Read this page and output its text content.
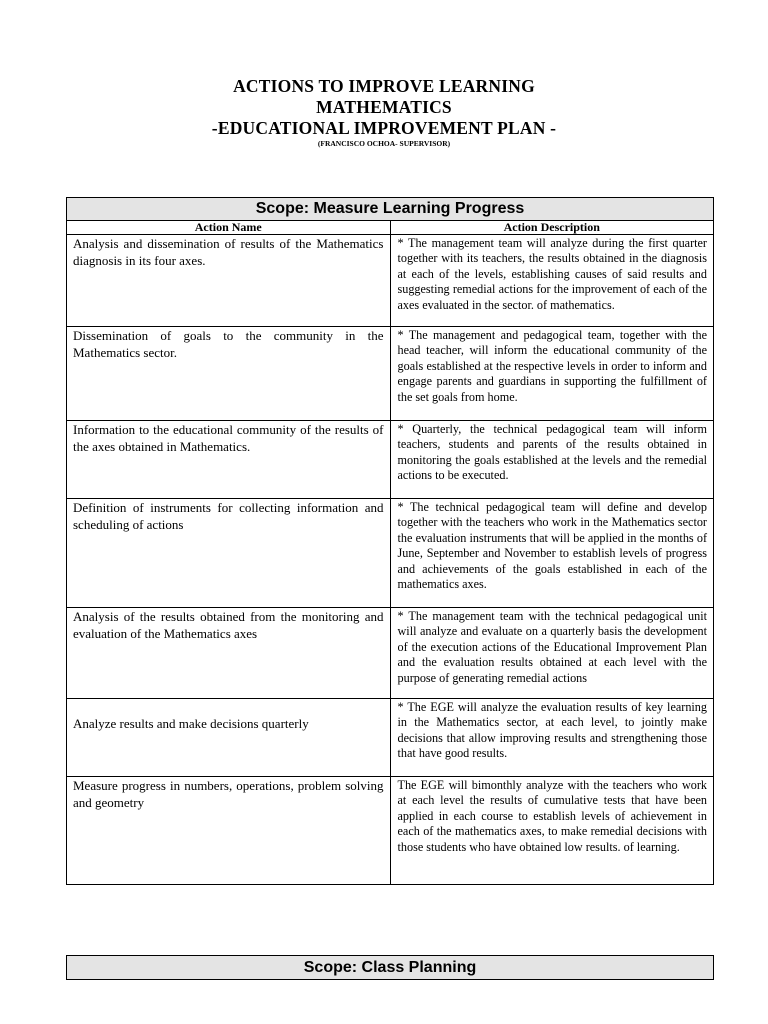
ACTIONS TO IMPROVE LEARNING
MATHEMATICS
-EDUCATIONAL IMPROVEMENT PLAN -
(FRANCISCO OCHOA- SUPERVISOR)
Scope: Measure Learning Progress	
Action Name	Action Description
Analysis and dissemination of results of the Mathematics diagnosis in its four axes.	* The management team will analyze during the first quarter together with its teachers, the results obtained in the diagnosis at each of the levels, establishing causes of said results and suggesting remedial actions for the improvement of each of the axes evaluated in the sector. of mathematics.
Dissemination of goals to the community in the Mathematics sector.	* The management and pedagogical team, together with the head teacher, will inform the educational community of the goals established at the respective levels in order to inform and engage parents and guardians in supporting the fulfillment of the set goals from home.
Information to the educational community of the results of the axes obtained in Mathematics.	* Quarterly, the technical pedagogical team will inform teachers, students and parents of the results obtained in monitoring the goals established at the levels and the remedial actions to be executed.
Definition of instruments for collecting information and scheduling of actions	* The technical pedagogical team will define and develop together with the teachers who work in the Mathematics sector the evaluation instruments that will be applied in the months of June, September and November to establish levels of progress and achievements of the goals established in each of the mathematics axes.
Analysis of the results obtained from the monitoring and evaluation of the Mathematics axes	* The management team with the technical pedagogical unit will analyze and evaluate on a quarterly basis the development of the execution actions of the Educational Improvement Plan and the evaluation results obtained at each level with the purpose of generating remedial actions
Analyze results and make decisions quarterly	* The EGE will analyze the evaluation results of key learning in the Mathematics sector, at each level, to jointly make decisions that allow improving results and strengthening those that have good results.
Measure progress in numbers, operations, problem solving and geometry	The EGE will bimonthly analyze with the teachers who work at each level the results of cumulative tests that have been applied in each course to establish levels of achievement in each of the mathematics axes, to make remedial decisions with those students who have obtained low results. of learning.
Scope: Class Planning
